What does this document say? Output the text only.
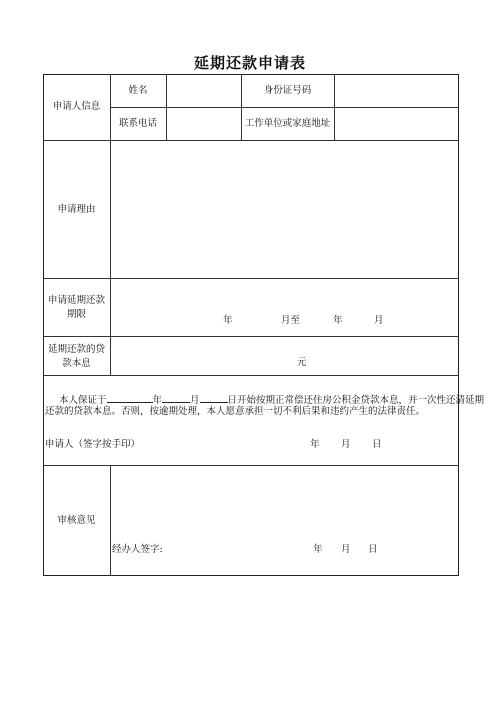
延期还款申请表
申请人信息
姓名	身份证号码
联系电话	工作单位或家庭地址
申请理由
申请延期还款期限
年	月至	年	月
延期还款的贷款本息	元
本人保证于	年	月	日开始按期正常偿还住房公积金贷款本息，并一次性还清延期
还款的贷款本息。否则，按逾期处理，本人愿意承担一切不利后果和违约产生的法律责任。
申请人（签字按手印）	年 月 日
审核意见
经办人签字:	年 月 日
